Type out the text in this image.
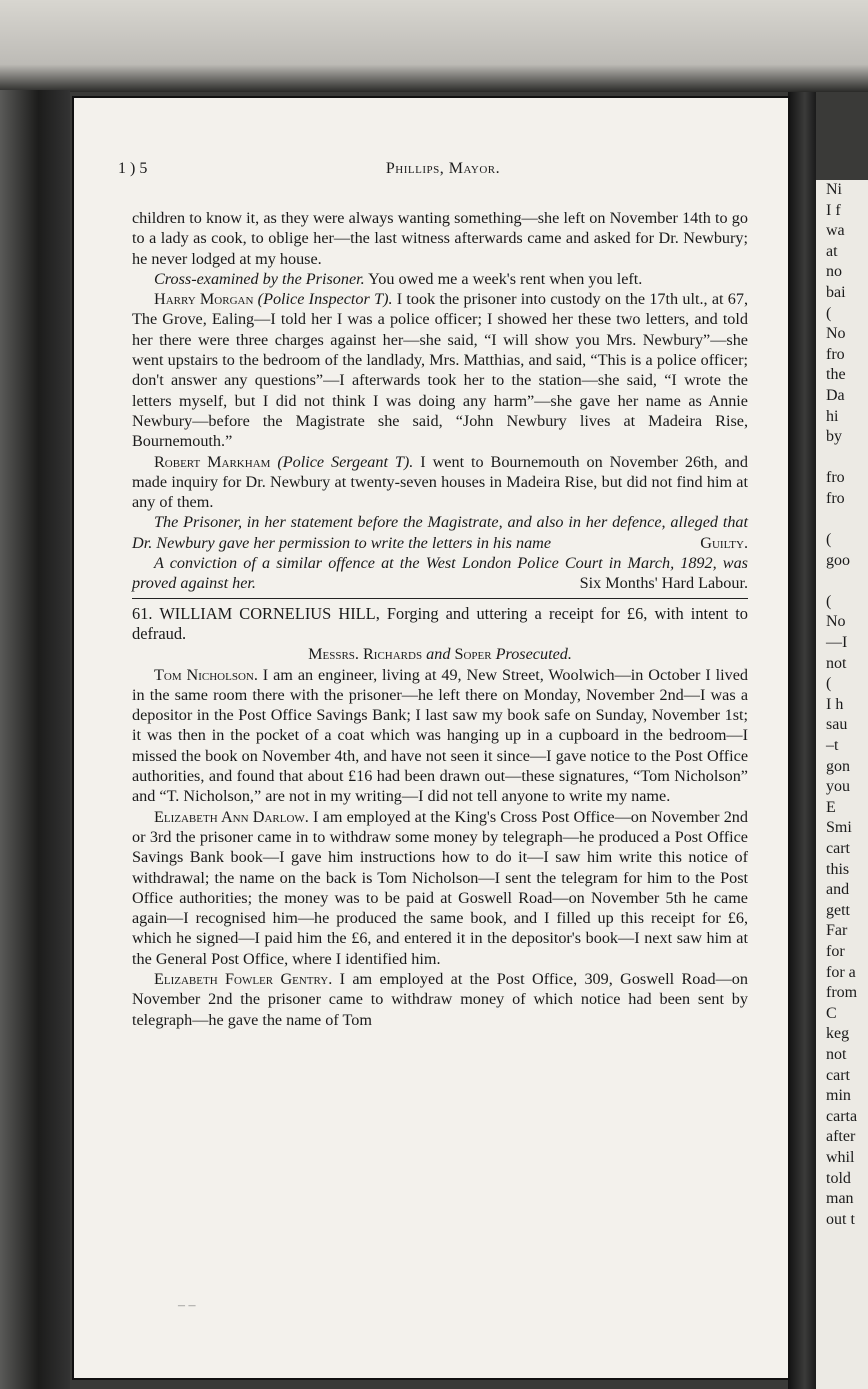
Ni
I f
wa
at
no
bai
(
No
fro
the
Da
hi
by

fro
fro

(
goo

(
No
—I
not
(
I h
sau
–t
gon
you
E
Smi
cart
this
and
gett
Far
for
for a
from
C
keg
not
cart
min
carta
after
whil
told
man
out t
1 ) 5	Phillips, Mayor.

children to know it, as they were always wanting something—she left on November 14th to go to a lady as cook, to oblige her—the last witness afterwards came and asked for Dr. Newbury; he never lodged at my house.

Cross-examined by the Prisoner. You owed me a week's rent when you left.

Harry Morgan (Police Inspector T). I took the prisoner into custody on the 17th ult., at 67, The Grove, Ealing—I told her I was a police officer; I showed her these two letters, and told her there were three charges against her—she said, “I will show you Mrs. Newbury”—she went upstairs to the bedroom of the landlady, Mrs. Matthias, and said, “This is a police officer; don't answer any questions”—I afterwards took her to the station—she said, “I wrote the letters myself, but I did not think I was doing any harm”—she gave her name as Annie Newbury—before the Magistrate she said, “John Newbury lives at Madeira Rise, Bournemouth.”

Robert Markham (Police Sergeant T). I went to Bournemouth on November 26th, and made inquiry for Dr. Newbury at twenty-seven houses in Madeira Rise, but did not find him at any of them.

The Prisoner, in her statement before the Magistrate, and also in her defence, alleged that Dr. Newbury gave her permission to write the letters in his name	Guilty.

A conviction of a similar offence at the West London Police Court in March, 1892, was proved against her.	Six Months' Hard Labour.

61. WILLIAM CORNELIUS HILL, Forging and uttering a receipt for £6, with intent to defraud.

Messrs. Richards and Soper Prosecuted.

Tom Nicholson. I am an engineer, living at 49, New Street, Woolwich—in October I lived in the same room there with the prisoner—he left there on Monday, November 2nd—I was a depositor in the Post Office Savings Bank; I last saw my book safe on Sunday, November 1st; it was then in the pocket of a coat which was hanging up in a cupboard in the bedroom—I missed the book on November 4th, and have not seen it since—I gave notice to the Post Office authorities, and found that about £16 had been drawn out—these signatures, “Tom Nicholson” and “T. Nicholson,” are not in my writing—I did not tell anyone to write my name.

Elizabeth Ann Darlow. I am employed at the King's Cross Post Office—on November 2nd or 3rd the prisoner came in to withdraw some money by telegraph—he produced a Post Office Savings Bank book—I gave him instructions how to do it—I saw him write this notice of withdrawal; the name on the back is Tom Nicholson—I sent the telegram for him to the Post Office authorities; the money was to be paid at Goswell Road—on November 5th he came again—I recognised him—he produced the same book, and I filled up this receipt for £6, which he signed—I paid him the £6, and entered it in the depositor's book—I next saw him at the General Post Office, where I identified him.

Elizabeth Fowler Gentry. I am employed at the Post Office, 309, Goswell Road—on November 2nd the prisoner came to withdraw money of which notice had been sent by telegraph—he gave the name of Tom

– –
